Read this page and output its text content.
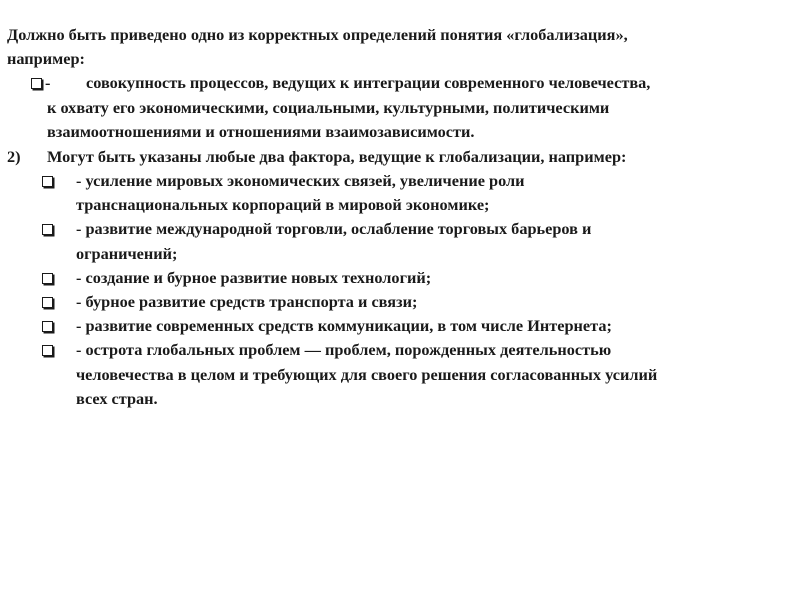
Должно быть приведено одно из корректных определений понятия «глобализация»,
например:
- совокупность процессов, ведущих к интеграции современного человечества,
к охвату его экономическими, социальными, культурными, политическими
взаимоотношениями и отношениями взаимозависимости.
2) Могут быть указаны любые два фактора, ведущие к глобализации, например:
- усиление мировых экономических связей, увеличение роли
транснациональных корпораций в мировой экономике;
- развитие международной торговли, ослабление торговых барьеров и
ограничений;
- создание и бурное развитие новых технологий;
- бурное развитие средств транспорта и связи;
- развитие современных средств коммуникации, в том числе Интернета;
- острота глобальных проблем — проблем, порожденных деятельностью
человечества в целом и требующих для своего решения согласованных усилий
всех стран.
